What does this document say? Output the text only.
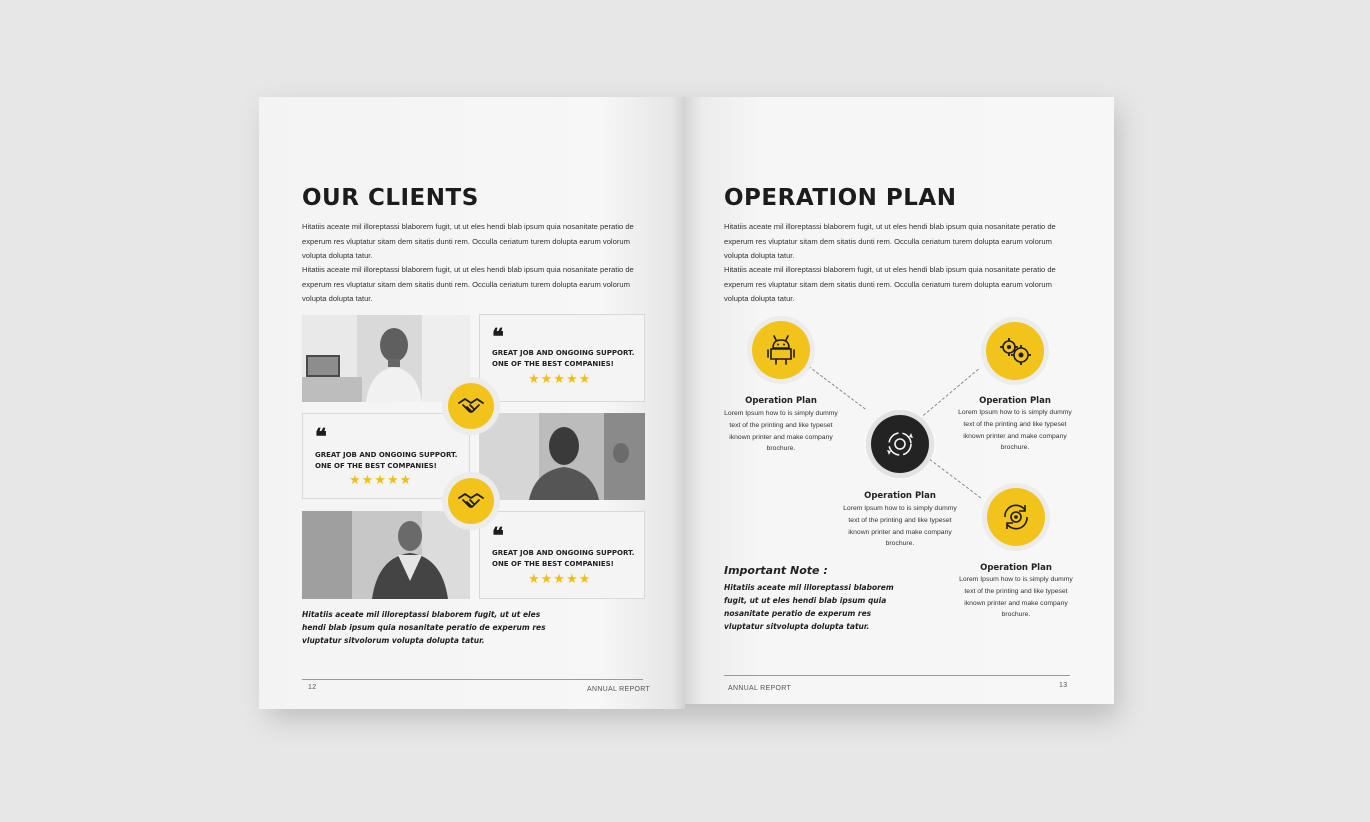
OUR CLIENTS
Hitatiis aceate mil illoreptassi blaborem fugit, ut ut eles hendi blab ipsum quia nosanitate peratio de experum res vluptatur sitam dem sitatis dunti rem. Occulla ceriatum turem dolupta earum volorum volupta dolupta tatur.
Hitatiis aceate mil illoreptassi blaborem fugit, ut ut eles hendi blab ipsum quia nosanitate peratio de experum res vluptatur sitam dem sitatis dunti rem. Occulla ceriatum turem dolupta earum volorum volupta dolupta tatur.
❝
GREAT JOB AND ONGOING SUPPORT.
ONE OF THE BEST COMPANIES!
★★★★★
❝
GREAT JOB AND ONGOING SUPPORT.
ONE OF THE BEST COMPANIES!
★★★★★
❝
GREAT JOB AND ONGOING SUPPORT.
ONE OF THE BEST COMPANIES!
★★★★★
Hitatiis aceate mil illoreptassi blaborem fugit, ut ut eles hendi blab ipsum quia nosanitate peratio de experum res vluptatur sitvolorum volupta dolupta tatur.
12	ANNUAL REPORT
OPERATION PLAN
Hitatiis aceate mil illoreptassi blaborem fugit, ut ut eles hendi blab ipsum quia nosanitate peratio de experum res vluptatur sitam dem sitatis dunti rem. Occulla ceriatum turem dolupta earum volorum volupta dolupta tatur.
Hitatiis aceate mil illoreptassi blaborem fugit, ut ut eles hendi blab ipsum quia nosanitate peratio de experum res vluptatur sitam dem sitatis dunti rem. Occulla ceriatum turem dolupta earum volorum volupta dolupta tatur.
Operation Plan
Lorem Ipsum how to is simply dummy text of the printing and like typeset iknown printer and make company brochure.
Operation Plan
Lorem Ipsum how to is simply dummy text of the printing and like typeset iknown printer and make company brochure.
Operation Plan
Lorem Ipsum how to is simply dummy text of the printing and like typeset iknown printer and make company brochure.
Operation Plan
Lorem Ipsum how to is simply dummy text of the printing and like typeset iknown printer and make company brochure.
Important Note :
Hitatiis aceate mil illoreptassi blaborem fugit, ut ut eles hendi blab ipsum quia nosanitate peratio de experum res vluptatur sitvolupta dolupta tatur.
ANNUAL REPORT	13
